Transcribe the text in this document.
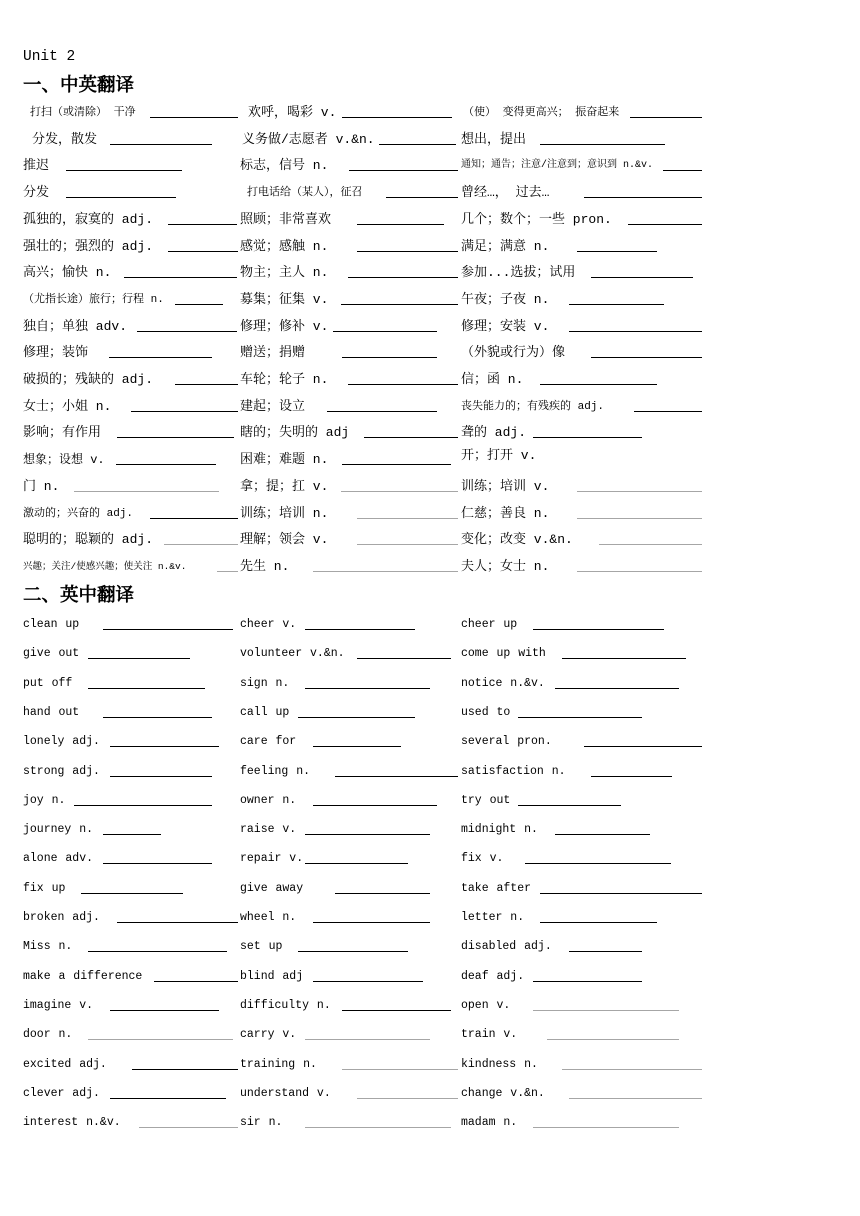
Unit 2
一、中英翻译
二、英中翻译
打扫（或清除） 干净	欢呼，喝彩 v.	（使） 变得更高兴； 振奋起来
分发，散发	义务做/志愿者 v.&n.	想出，提出
推迟	标志，信号 n.	通知；通告；注意/注意到；意识到 n.&v.
分发	打电话给（某人），征召	曾经…， 过去…
孤独的，寂寞的 adj.	照顾；非常喜欢	几个；数个；一些 pron.
强壮的；强烈的 adj.	感觉；感触 n.	满足；满意 n.
高兴；愉快 n.	物主；主人 n.	参加...选拔；试用
（尤指长途）旅行；行程 n.	募集；征集 v.	午夜；子夜 n.
独自；单独 adv.	修理；修补 v.	修理；安装 v.
修理；装饰	赠送；捐赠	（外貌或行为）像
破损的；残缺的 adj.	车轮；轮子 n.	信；函 n.
女士；小姐 n.	建起；设立	丧失能力的；有残疾的 adj.
影响；有作用	瞎的；失明的 adj	聋的 adj.
想象；设想 v.	困难；难题 n.	开；打开 v.
门 n.	拿；提；扛 v.	训练；培训 v.
激动的；兴奋的 adj.	训练；培训 n.	仁慈；善良 n.
聪明的；聪颖的 adj.	理解；领会 v.	变化；改变 v.&n.
兴趣；关注/使感兴趣；使关注 n.&v.	先生 n.	夫人；女士 n.
clean up	cheer v.	cheer up
give out	volunteer v.&n.	come up with
put off	sign n.	notice n.&v.
hand out	call up	used to
lonely adj.	care for	several pron.
strong adj.	feeling n.	satisfaction n.
joy n.	owner n.	try out
journey n.	raise v.	midnight n.
alone adv.	repair v.	fix v.
fix up	give away	take after
broken adj.	wheel n.	letter n.
Miss n.	set up	disabled adj.
make a difference	blind adj	deaf adj.
imagine v.	difficulty n.	open v.
door n.	carry v.	train v.
excited adj.	training n.	kindness n.
clever adj.	understand v.	change v.&n.
interest n.&v.	sir n.	madam n.
